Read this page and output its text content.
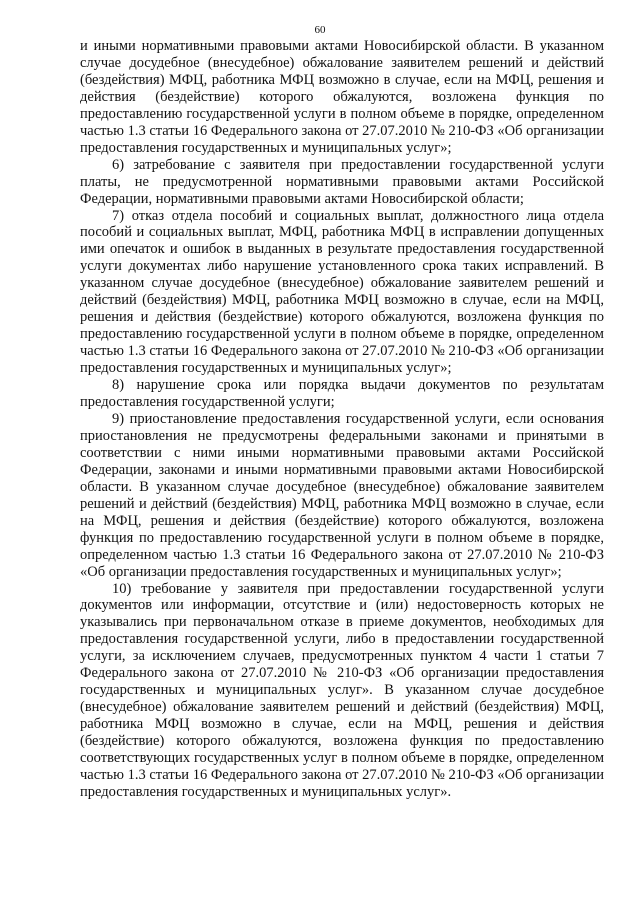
60

и иными нормативными правовыми актами Новосибирской области. В указанном случае досудебное (внесудебное) обжалование заявителем решений и действий (бездействия) МФЦ, работника МФЦ возможно в случае, если на МФЦ, решения и действия (бездействие) которого обжалуются, возложена функция по предоставлению государственной услуги в полном объеме в порядке, определенном частью 1.3 статьи 16 Федерального закона от 27.07.2010 № 210-ФЗ «Об организации предоставления государственных и муниципальных услуг»;

6) затребование с заявителя при предоставлении государственной услуги платы, не предусмотренной нормативными правовыми актами Российской Федерации, нормативными правовыми актами Новосибирской области;

7) отказ отдела пособий и социальных выплат, должностного лица отдела пособий и социальных выплат, МФЦ, работника МФЦ в исправлении допущенных ими опечаток и ошибок в выданных в результате предоставления государственной услуги документах либо нарушение установленного срока таких исправлений. В указанном случае досудебное (внесудебное) обжалование заявителем решений и действий (бездействия) МФЦ, работника МФЦ возможно в случае, если на МФЦ, решения и действия (бездействие) которого обжалуются, возложена функция по предоставлению государственной услуги в полном объеме в порядке, определенном частью 1.3 статьи 16 Федерального закона от 27.07.2010 № 210-ФЗ «Об организации предоставления государственных и муниципальных услуг»;

8) нарушение срока или порядка выдачи документов по результатам предоставления государственной услуги;

9) приостановление предоставления государственной услуги, если основания приостановления не предусмотрены федеральными законами и принятыми в соответствии с ними иными нормативными правовыми актами Российской Федерации, законами и иными нормативными правовыми актами Новосибирской области. В указанном случае досудебное (внесудебное) обжалование заявителем решений и действий (бездействия) МФЦ, работника МФЦ возможно в случае, если на МФЦ, решения и действия (бездействие) которого обжалуются, возложена функция по предоставлению государственной услуги в полном объеме в порядке, определенном частью 1.3 статьи 16 Федерального закона от 27.07.2010 № 210-ФЗ «Об организации предоставления государственных и муниципальных услуг»;

10) требование у заявителя при предоставлении государственной услуги документов или информации, отсутствие и (или) недостоверность которых не указывались при первоначальном отказе в приеме документов, необходимых для предоставления государственной услуги, либо в предоставлении государственной услуги, за исключением случаев, предусмотренных пунктом 4 части 1 статьи 7 Федерального закона от 27.07.2010 № 210-ФЗ «Об организации предоставления государственных и муниципальных услуг». В указанном случае досудебное (внесудебное) обжалование заявителем решений и действий (бездействия) МФЦ, работника МФЦ возможно в случае, если на МФЦ, решения и действия (бездействие) которого обжалуются, возложена функция по предоставлению соответствующих государственных услуг в полном объеме в порядке, определенном частью 1.3 статьи 16 Федерального закона от 27.07.2010 № 210-ФЗ «Об организации предоставления государственных и муниципальных услуг».
